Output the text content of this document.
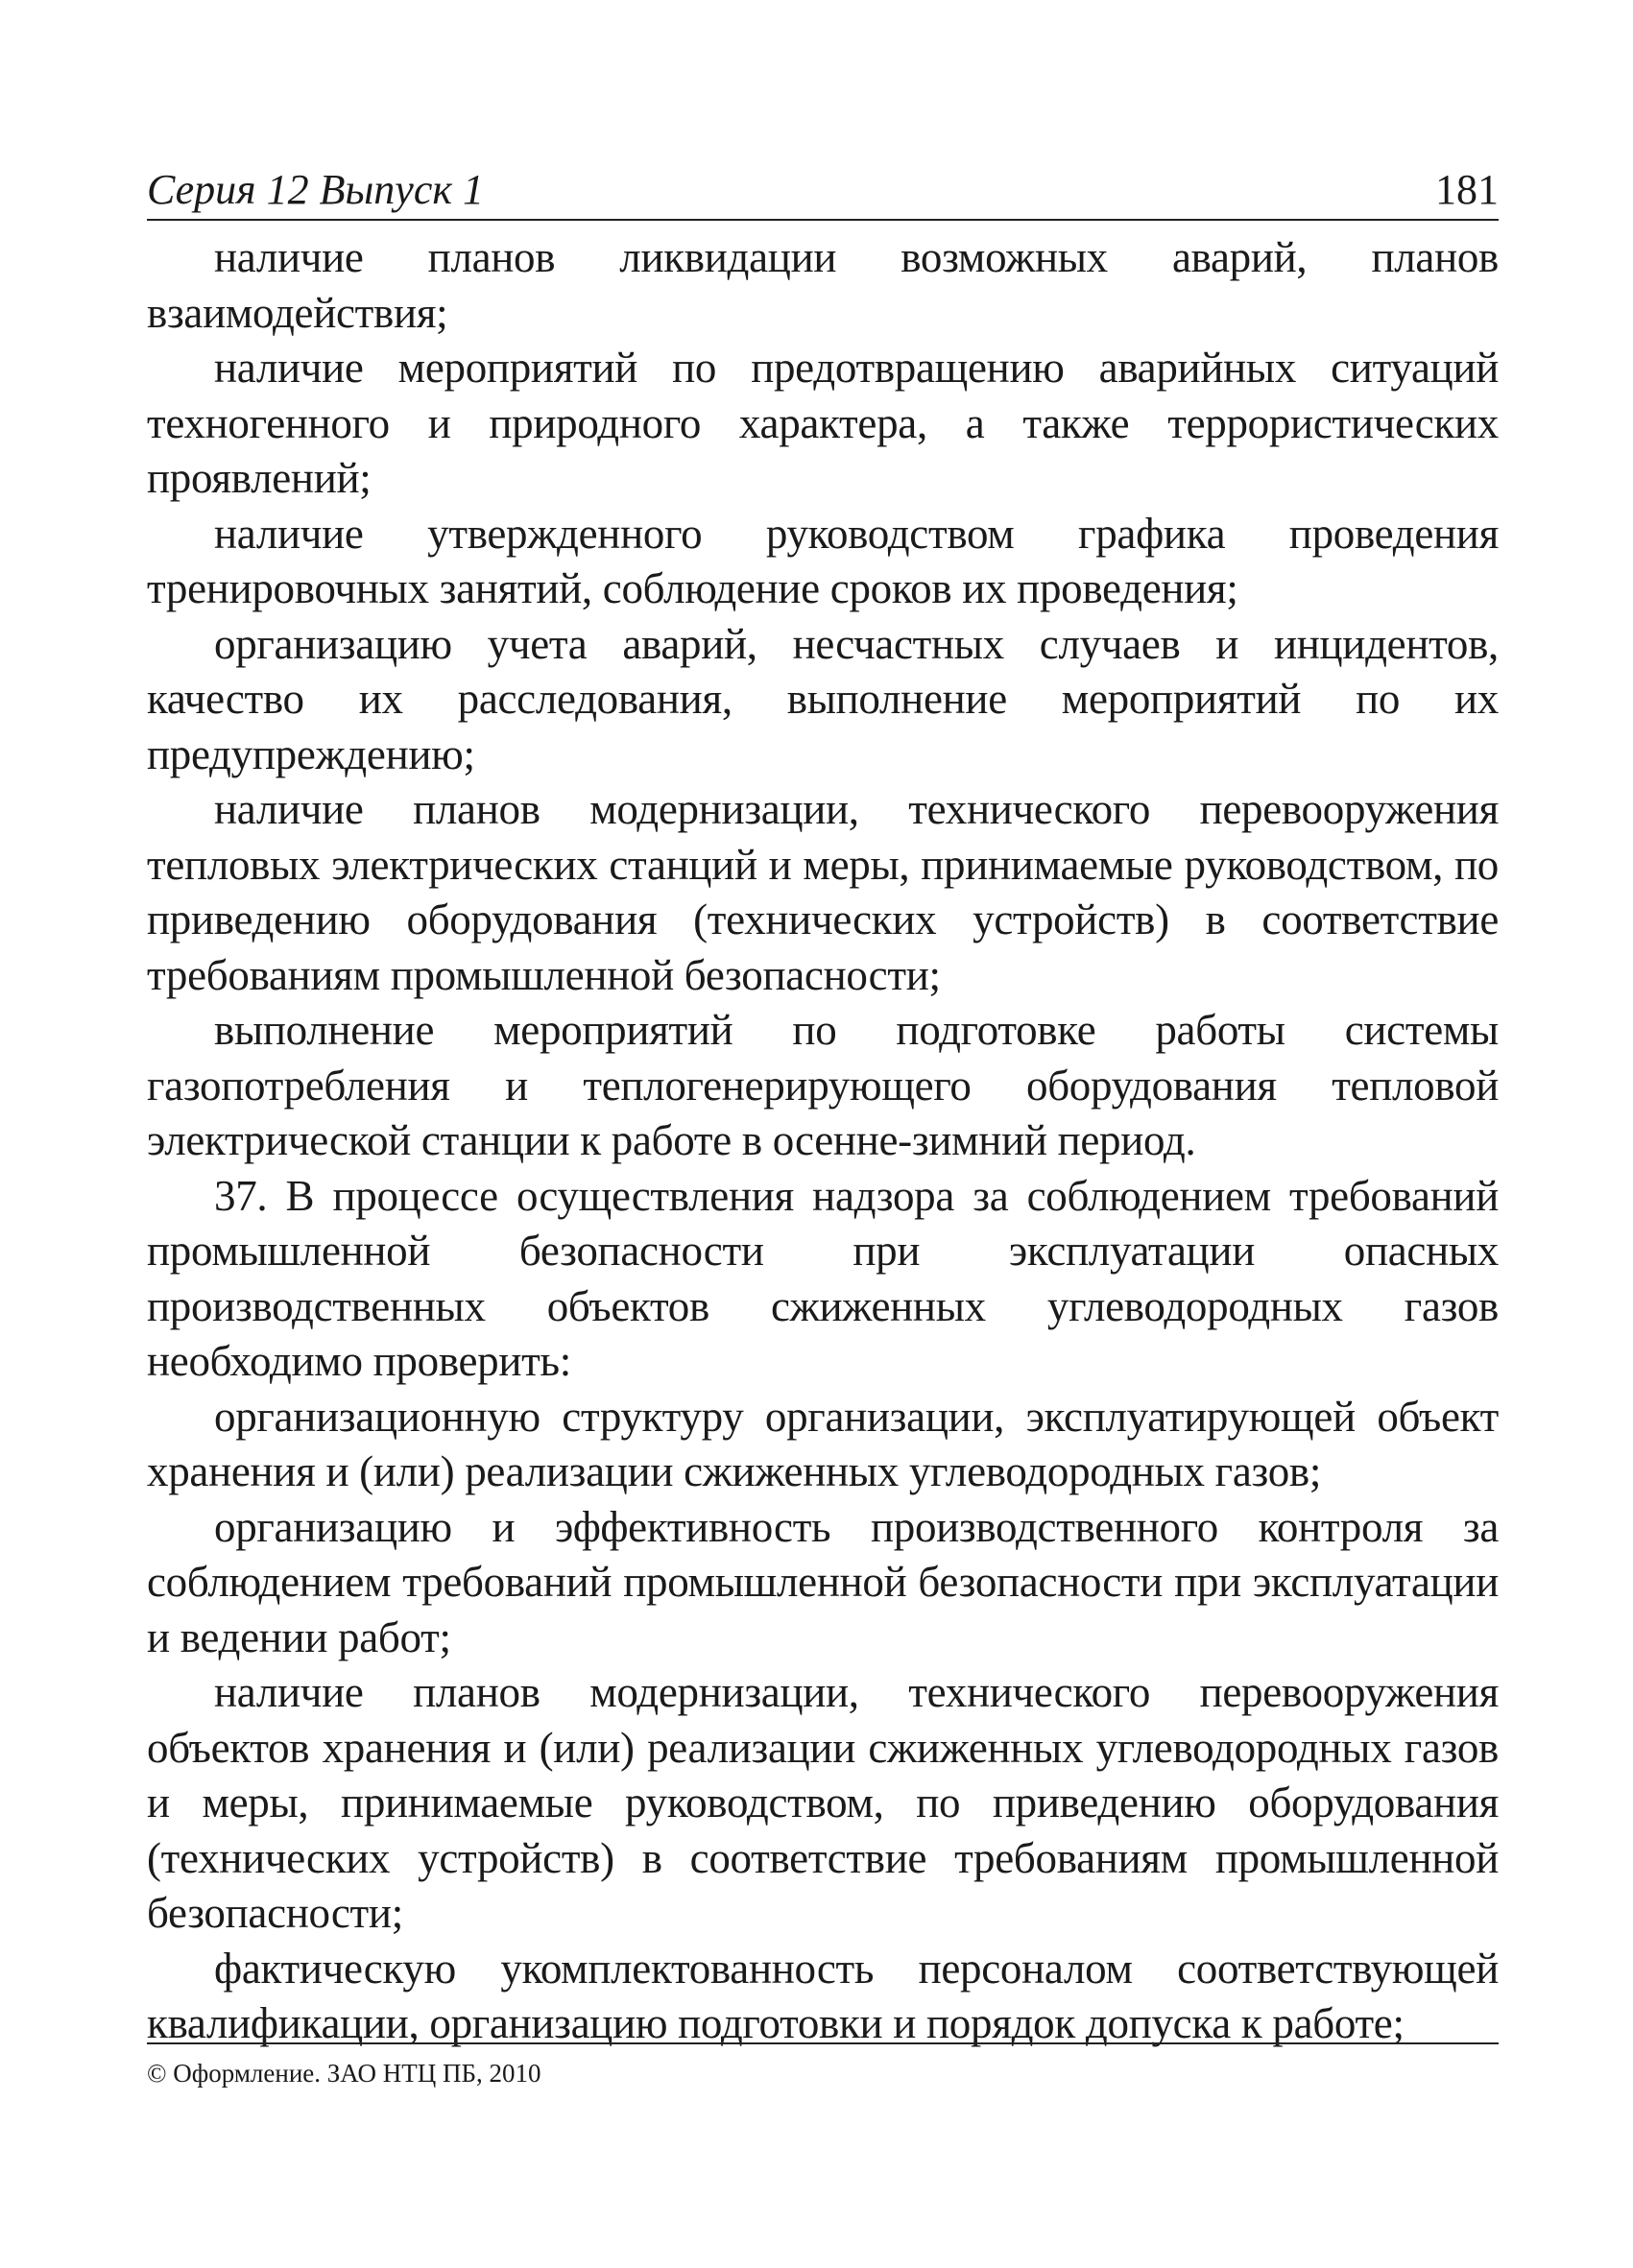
Серия 12 Выпуск 1	181

наличие планов ликвидации возможных аварий, планов взаимодействия;

наличие мероприятий по предотвращению аварийных ситуаций техногенного и природного характера, а также террористических проявлений;

наличие утвержденного руководством графика проведения тренировочных занятий, соблюдение сроков их проведения;

организацию учета аварий, несчастных случаев и инцидентов, качество их расследования, выполнение мероприятий по их предупреждению;

наличие планов модернизации, технического перевооружения тепловых электрических станций и меры, принимаемые руководством, по приведению оборудования (технических устройств) в соответствие требованиям промышленной безопасности;

выполнение мероприятий по подготовке работы системы газопотребления и теплогенерирующего оборудования тепловой электрической станции к работе в осенне-зимний период.

37. В процессе осуществления надзора за соблюдением требований промышленной безопасности при эксплуатации опасных производственных объектов сжиженных углеводородных газов необходимо проверить:

организационную структуру организации, эксплуатирующей объект хранения и (или) реализации сжиженных углеводородных газов;

организацию и эффективность производственного контроля за соблюдением требований промышленной безопасности при эксплуатации и ведении работ;

наличие планов модернизации, технического перевооружения объектов хранения и (или) реализации сжиженных углеводородных газов и меры, принимаемые руководством, по приведению оборудования (технических устройств) в соответствие требованиям промышленной безопасности;

фактическую укомплектованность персоналом соответствующей квалификации, организацию подготовки и порядок допуска к работе;

© Оформление. ЗАО НТЦ ПБ, 2010
